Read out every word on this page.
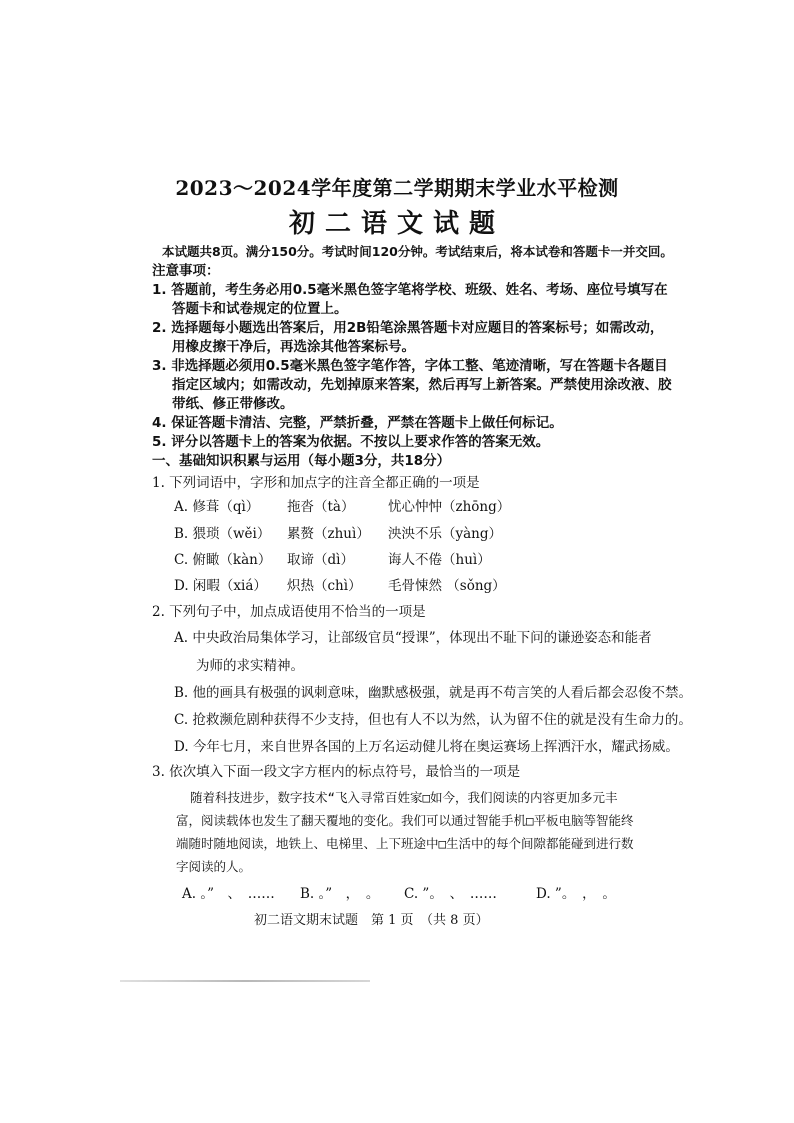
2023～2024学年度第二学期期末学业水平检测
初二语文试题
本试题共8页。满分150分。考试时间120分钟。考试结束后，将本试卷和答题卡一并交回。
注意事项：
1. 答题前，考生务必用0.5毫米黑色签字笔将学校、班级、姓名、考场、座位号填写在
答题卡和试卷规定的位置上。
2. 选择题每小题选出答案后，用2B铅笔涂黑答题卡对应题目的答案标号；如需改动，
用橡皮擦干净后，再选涂其他答案标号。
3. 非选择题必须用0.5毫米黑色签字笔作答，字体工整、笔迹清晰，写在答题卡各题目
指定区域内；如需改动，先划掉原来答案，然后再写上新答案。严禁使用涂改液、胶
带纸、修正带修改。
4. 保证答题卡清洁、完整，严禁折叠，严禁在答题卡上做任何标记。
5. 评分以答题卡上的答案为依据。不按以上要求作答的答案无效。
一、基础知识积累与运用（每小题3分，共18分）
1. 下列词语中，字形和加点字的注音全都正确的一项是
A. 修葺（qì） 拖沓（tà） 忧心忡忡（zhōng）
B. 猥琐（wěi） 累赘（zhuì） 泱泱不乐（yàng）
C. 俯瞰（kàn） 取谛（dì）	诲人不倦（huì）
D. 闲暇（xiá） 炽热（chì） 毛骨悚然 （sǒng）
2. 下列句子中，加点成语使用不恰当的一项是
A. 中央政治局集体学习，让部级官员“授课”，体现出不耻下问的谦逊姿态和能者
为师的求实精神。
B. 他的画具有极强的讽刺意味，幽默感极强，就是再不苟言笑的人看后都会忍俊不禁。
C. 抢救濒危剧种获得不少支持，但也有人不以为然，认为留不住的就是没有生命力的。
D. 今年七月，来自世界各国的上万名运动健儿将在奥运赛场上挥洒汗水，耀武扬威。
3. 依次填入下面一段文字方框内的标点符号，最恰当的一项是
随着科技进步，数字技术“飞入寻常百姓家□如今，我们阅读的内容更加多元丰
富，阅读载体也发生了翻天覆地的变化。我们可以通过智能手机□平板电脑等智能终
端随时随地阅读，地铁上、电梯里、上下班途中□生活中的每个间隙都能碰到进行数
字阅读的人。
A. 。”　、　…… B. 。”　，　。 C. ”。　、　……	D. ”。　，　。
初二语文期末试题　第 1 页　（共 8 页）
